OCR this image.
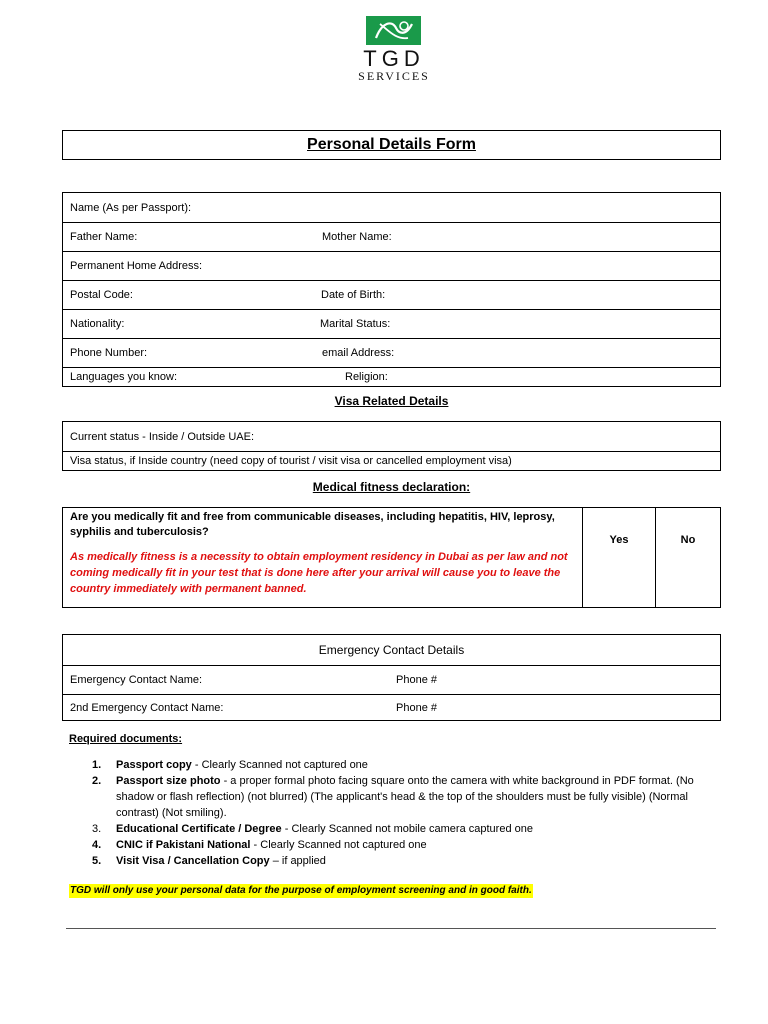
TGD
SERVICES
Personal Details Form
Name (As per Passport):
Father Name:	Mother Name:
Permanent Home Address:
Postal Code:	Date of Birth:
Nationality:	Marital Status:
Phone Number:	email Address:
Languages you know:	Religion:
Visa Related Details
Current status - Inside / Outside UAE:
Visa status, if Inside country (need copy of tourist / visit visa or cancelled employment visa)
Medical fitness declaration:
Are you medically fit and free from communicable diseases, including hepatitis, HIV, leprosy, syphilis and tuberculosis?
As medically fitness is a necessity to obtain employment residency in Dubai as per law and not coming medically fit in your test that is done here after your arrival will cause you to leave the country immediately with permanent banned.
Yes	No
Emergency Contact Details
Emergency Contact Name:	Phone #
2nd Emergency Contact Name:	Phone #
Required documents:
1. Passport copy - Clearly Scanned not captured one
2. Passport size photo - a proper formal photo facing square onto the camera with white background in PDF format. (No shadow or flash reflection) (not blurred) (The applicant's head & the top of the shoulders must be fully visible) (Normal contrast) (Not smiling).
3. Educational Certificate / Degree - Clearly Scanned not mobile camera captured one
4. CNIC if Pakistani National - Clearly Scanned not captured one
5. Visit Visa / Cancellation Copy – if applied
TGD will only use your personal data for the purpose of employment screening and in good faith.
